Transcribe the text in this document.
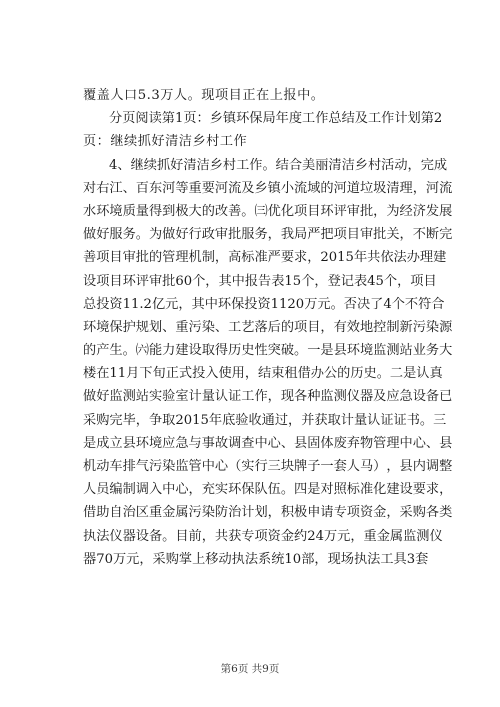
覆盖人口5.3万人。现项目正在上报中。
分 页 阅 读 第 1 页 ： 乡 镇 环 保 局 年 度 工 作 总 结 及 工 作 计 划 第 2
页：继续抓好清洁乡村工作
4 、 继 续 抓 好 清 洁 乡 村 工 作 。 结 合 美 丽 清 洁 乡 村 活 动 ， 完 成
对 右 江 、 百 东 河 等 重 要 河 流 及 乡 镇 小 流 域 的 河 道 垃 圾 清 理 ， 河 流
水 环 境 质 量 得 到 极 大 的 改 善 。 ㈢ 优 化 项 目 环 评 审 批 ， 为 经 济 发 展
做 好 服 务 。 为 做 好 行 政 审 批 服 务 ， 我 局 严 把 项 目 审 批 关 ， 不 断 完
善 项 目 审 批 的 管 理 机 制 ， 高 标 准 严 要 求 ， 2 0 1 5 年 共 依 法 办 理 建
设 项 目 环 评 审 批 6 0 个 ， 其 中 报 告 表 1 5 个 ， 登 记 表 4 5 个 ， 项 目
总 投 资 1 1 . 2 亿 元 ， 其 中 环 保 投 资 1 1 2 0 万 元 。 否 决 了 4 个 不 符 合
环 境 保 护 规 划 、 重 污 染 、 工 艺 落 后 的 项 目 ， 有 效 地 控 制 新 污 染 源
的 产 生 。 ㈥ 能 力 建 设 取 得 历 史 性 突 破 。 一 是 县 环 境 监 测 站 业 务 大
楼 在 1 1 月 下 旬 正 式 投 入 使 用 ， 结 束 租 借 办 公 的 历 史 。 二 是 认 真
做 好 监 测 站 实 验 室 计 量 认 证 工 作 ， 现 各 种 监 测 仪 器 及 应 急 设 备 已
采 购 完 毕 ， 争 取 2 0 1 5 年 底 验 收 通 过 ， 并 获 取 计 量 认 证 证 书 。 三
是 成 立 县 环 境 应 急 与 事 故 调 查 中 心 、 县 固 体 废 弃 物 管 理 中 心 、 县
机 动 车 排 气 污 染 监 管 中 心 （ 实 行 三 块 牌 子 一 套 人 马 ） ， 县 内 调 整
人 员 编 制 调 入 中 心 ， 充 实 环 保 队 伍 。 四 是 对 照 标 准 化 建 设 要 求 ，
借 助 自 治 区 重 金 属 污 染 防 治 计 划 ， 积 极 申 请 专 项 资 金 ， 采 购 各 类
执 法 仪 器 设 备 。 目 前 ， 共 获 专 项 资 金 约 2 4 万 元 ， 重 金 属 监 测 仪
器 7 0 万 元 ， 采 购 掌 上 移 动 执 法 系 统 1 0 部 ， 现 场 执 法 工 具 3 套
第6页 共9页
